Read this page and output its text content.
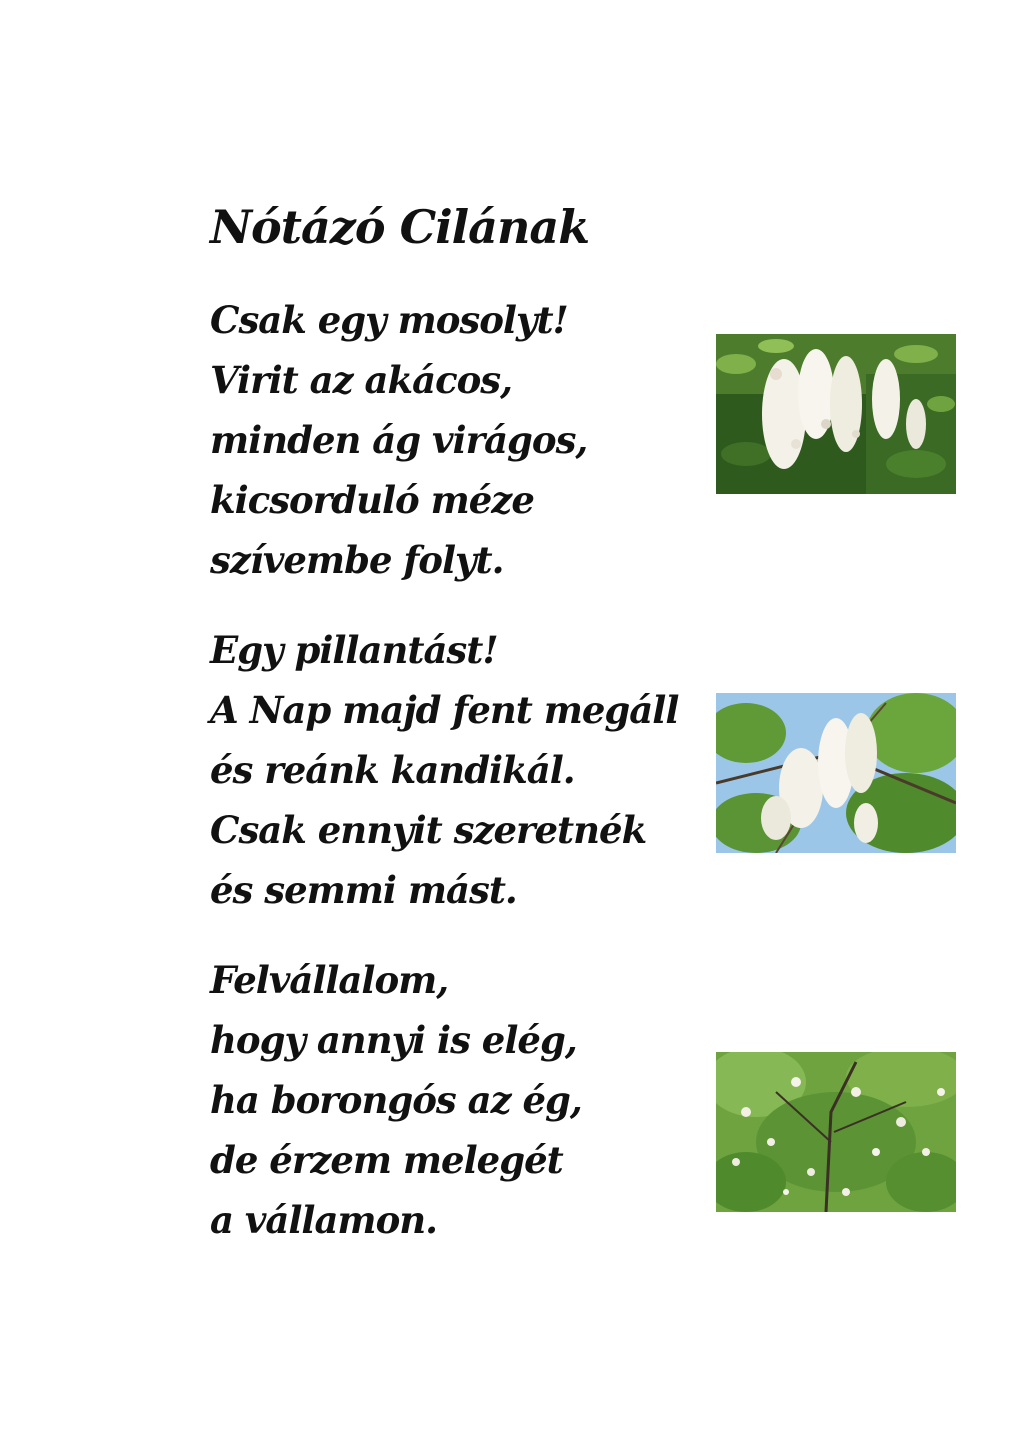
Nótázó Cilának
Csak egy mosolyt!
Virit az akácos,
minden ág virágos,
kicsorduló méze
szívembe folyt.
Egy pillantást!
A Nap majd fent megáll
és reánk kandikál.
Csak ennyit szeretnék
és semmi mást.
Felvállalom,
hogy annyi is elég,
ha borongós az ég,
de érzem melegét
a vállamon.
